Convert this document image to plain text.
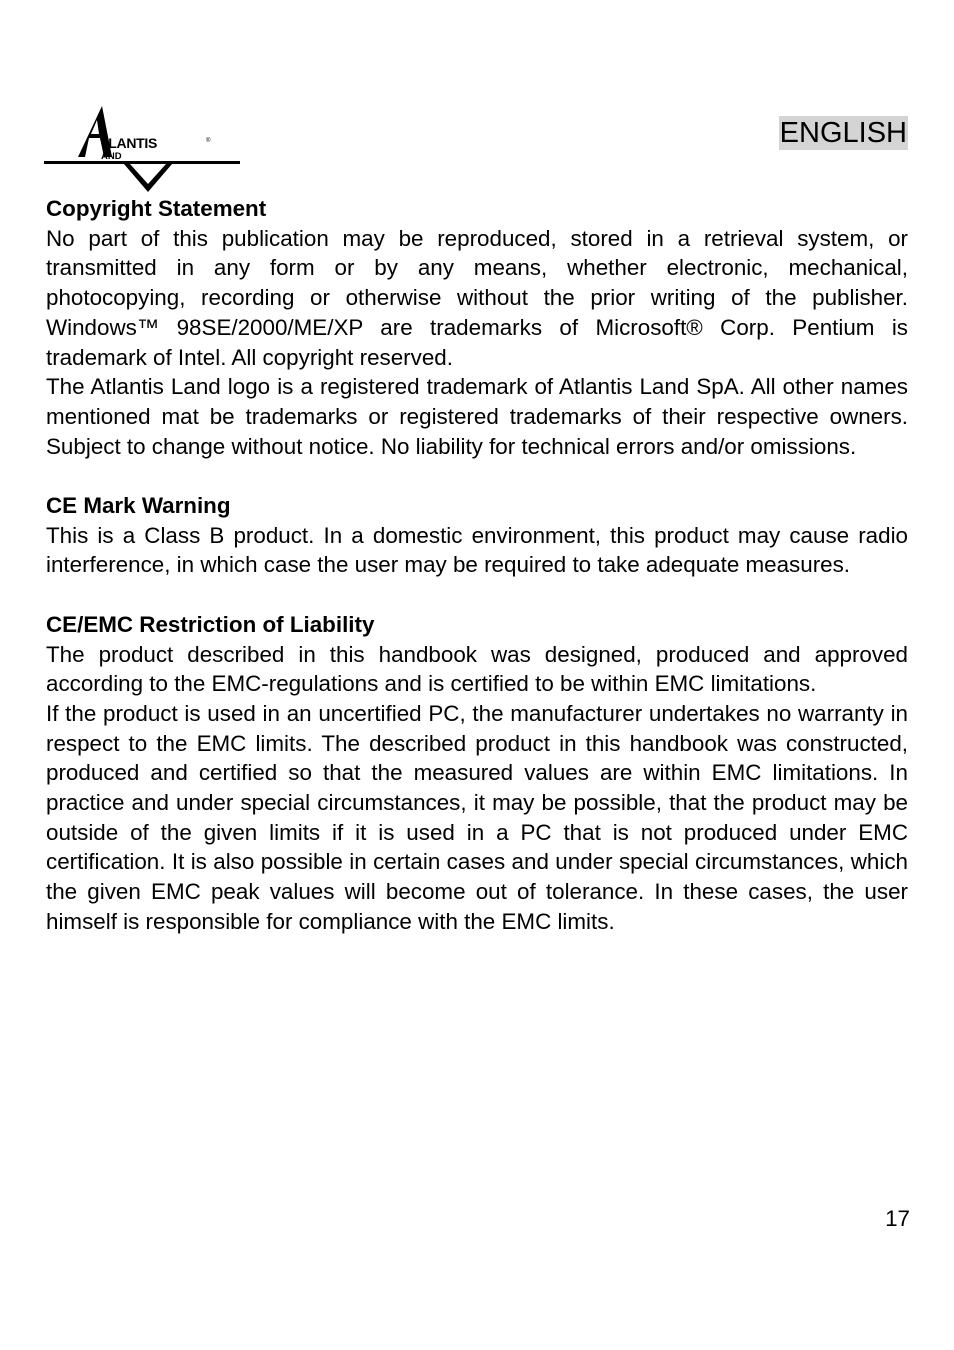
TLANTIS
AND
®	ENGLISH

Copyright Statement

No part of this publication may be reproduced, stored in a retrieval system, or transmitted in any form or by any means, whether electronic, mechanical, photocopying, recording or otherwise without the prior writing of the publisher. Windows™ 98SE/2000/ME/XP are trademarks of Microsoft® Corp. Pentium is trademark of Intel. All copyright reserved.

The Atlantis Land logo is a registered trademark of Atlantis Land SpA. All other names mentioned mat be trademarks or registered trademarks of their respective owners. Subject to change without notice. No liability for technical errors and/or omissions.

CE Mark Warning

This is a Class B product. In a domestic environment, this product may cause radio interference, in which case the user may be required to take adequate measures.

CE/EMC Restriction of Liability

The product described in this handbook was designed, produced and approved according to the EMC-regulations and is certified to be within EMC limitations.

If the product is used in an uncertified PC, the manufacturer undertakes no warranty in respect to the EMC limits. The described product in this handbook was constructed, produced and certified so that the measured values are within EMC limitations. In practice and under special circumstances, it may be possible, that the product may be outside of the given limits if it is used in a PC that is not produced under EMC certification. It is also possible in certain cases and under special circumstances, which the given EMC peak values will become out of tolerance. In these cases, the user himself is responsible for compliance with the EMC limits.

17
